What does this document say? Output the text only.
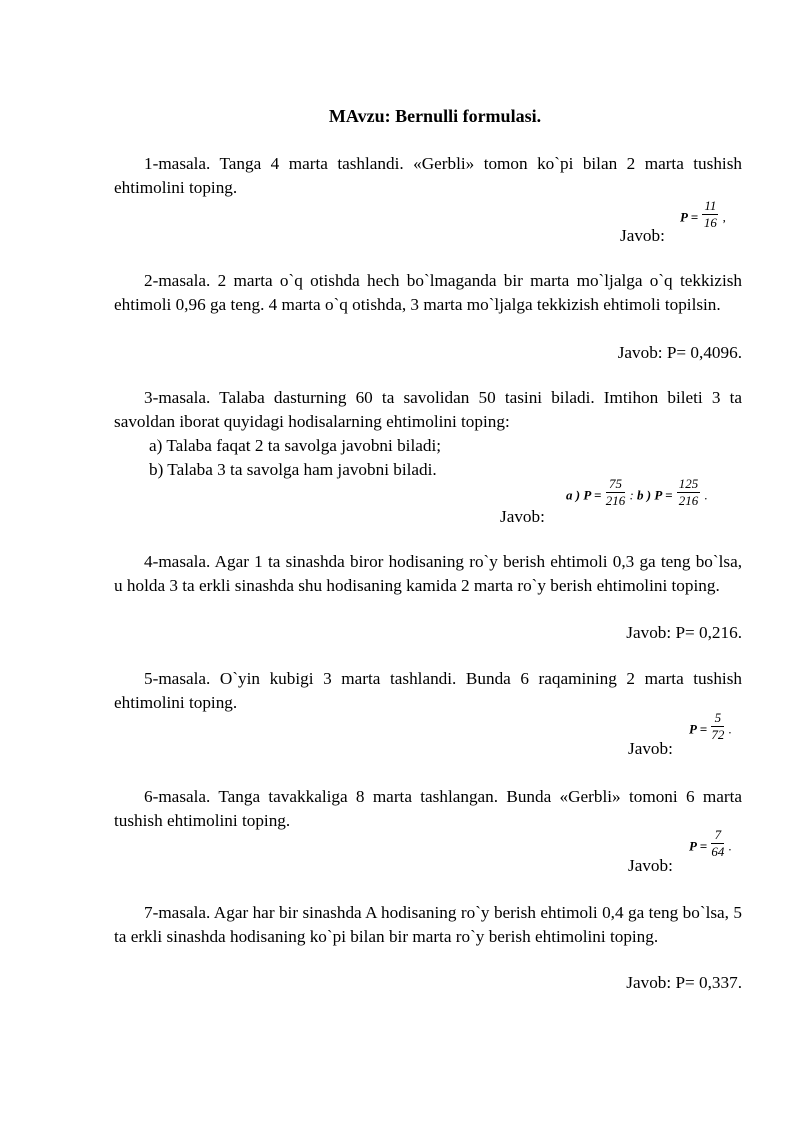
MAvzu: Bernulli formulasi.
1-masala. Tanga 4 marta tashlandi. «Gerbli» tomon ko`pi bilan 2 marta tushish ehtimolini toping.
Javob:
$P = \frac{11}{16}$ ,
2-masala. 2 marta o`q otishda hech bo`lmaganda bir marta mo`ljalga o`q tekkizish ehtimoli 0,96 ga teng. 4 marta o`q otishda, 3 marta mo`ljalga tekkizish ehtimoli topilsin.
Javob: P= 0,4096.
3-masala. Talaba dasturning 60 ta savolidan 50 tasini biladi. Imtihon bileti 3 ta savoldan iborat quyidagi hodisalarning ehtimolini toping:
a) Talaba faqat 2 ta savolga javobni biladi;
b) Talaba 3 ta savolga ham javobni biladi.
Javob:
a ) $P = \frac{75}{216}$ : b ) $P = \frac{125}{216}$ .
4-masala. Agar 1 ta sinashda biror hodisaning ro`y berish ehtimoli 0,3 ga teng bo`lsa, u holda 3 ta erkli sinashda shu hodisaning kamida 2 marta ro`y berish ehtimolini toping.
Javob: P= 0,216.
5-masala. O`yin kubigi 3 marta tashlandi. Bunda 6 raqamining 2 marta tushish ehtimolini toping.
Javob:
$P = \frac{5}{72}$ .
6-masala. Tanga tavakkaliga 8 marta tashlangan. Bunda «Gerbli» tomoni 6 marta tushish ehtimolini toping.
Javob:
$P = \frac{7}{64}$ .
7-masala. Agar har bir sinashda A hodisaning ro`y berish ehtimoli 0,4 ga teng bo`lsa, 5 ta erkli sinashda hodisaning ko`pi bilan bir marta ro`y berish ehtimolini toping.
Javob: P= 0,337.
